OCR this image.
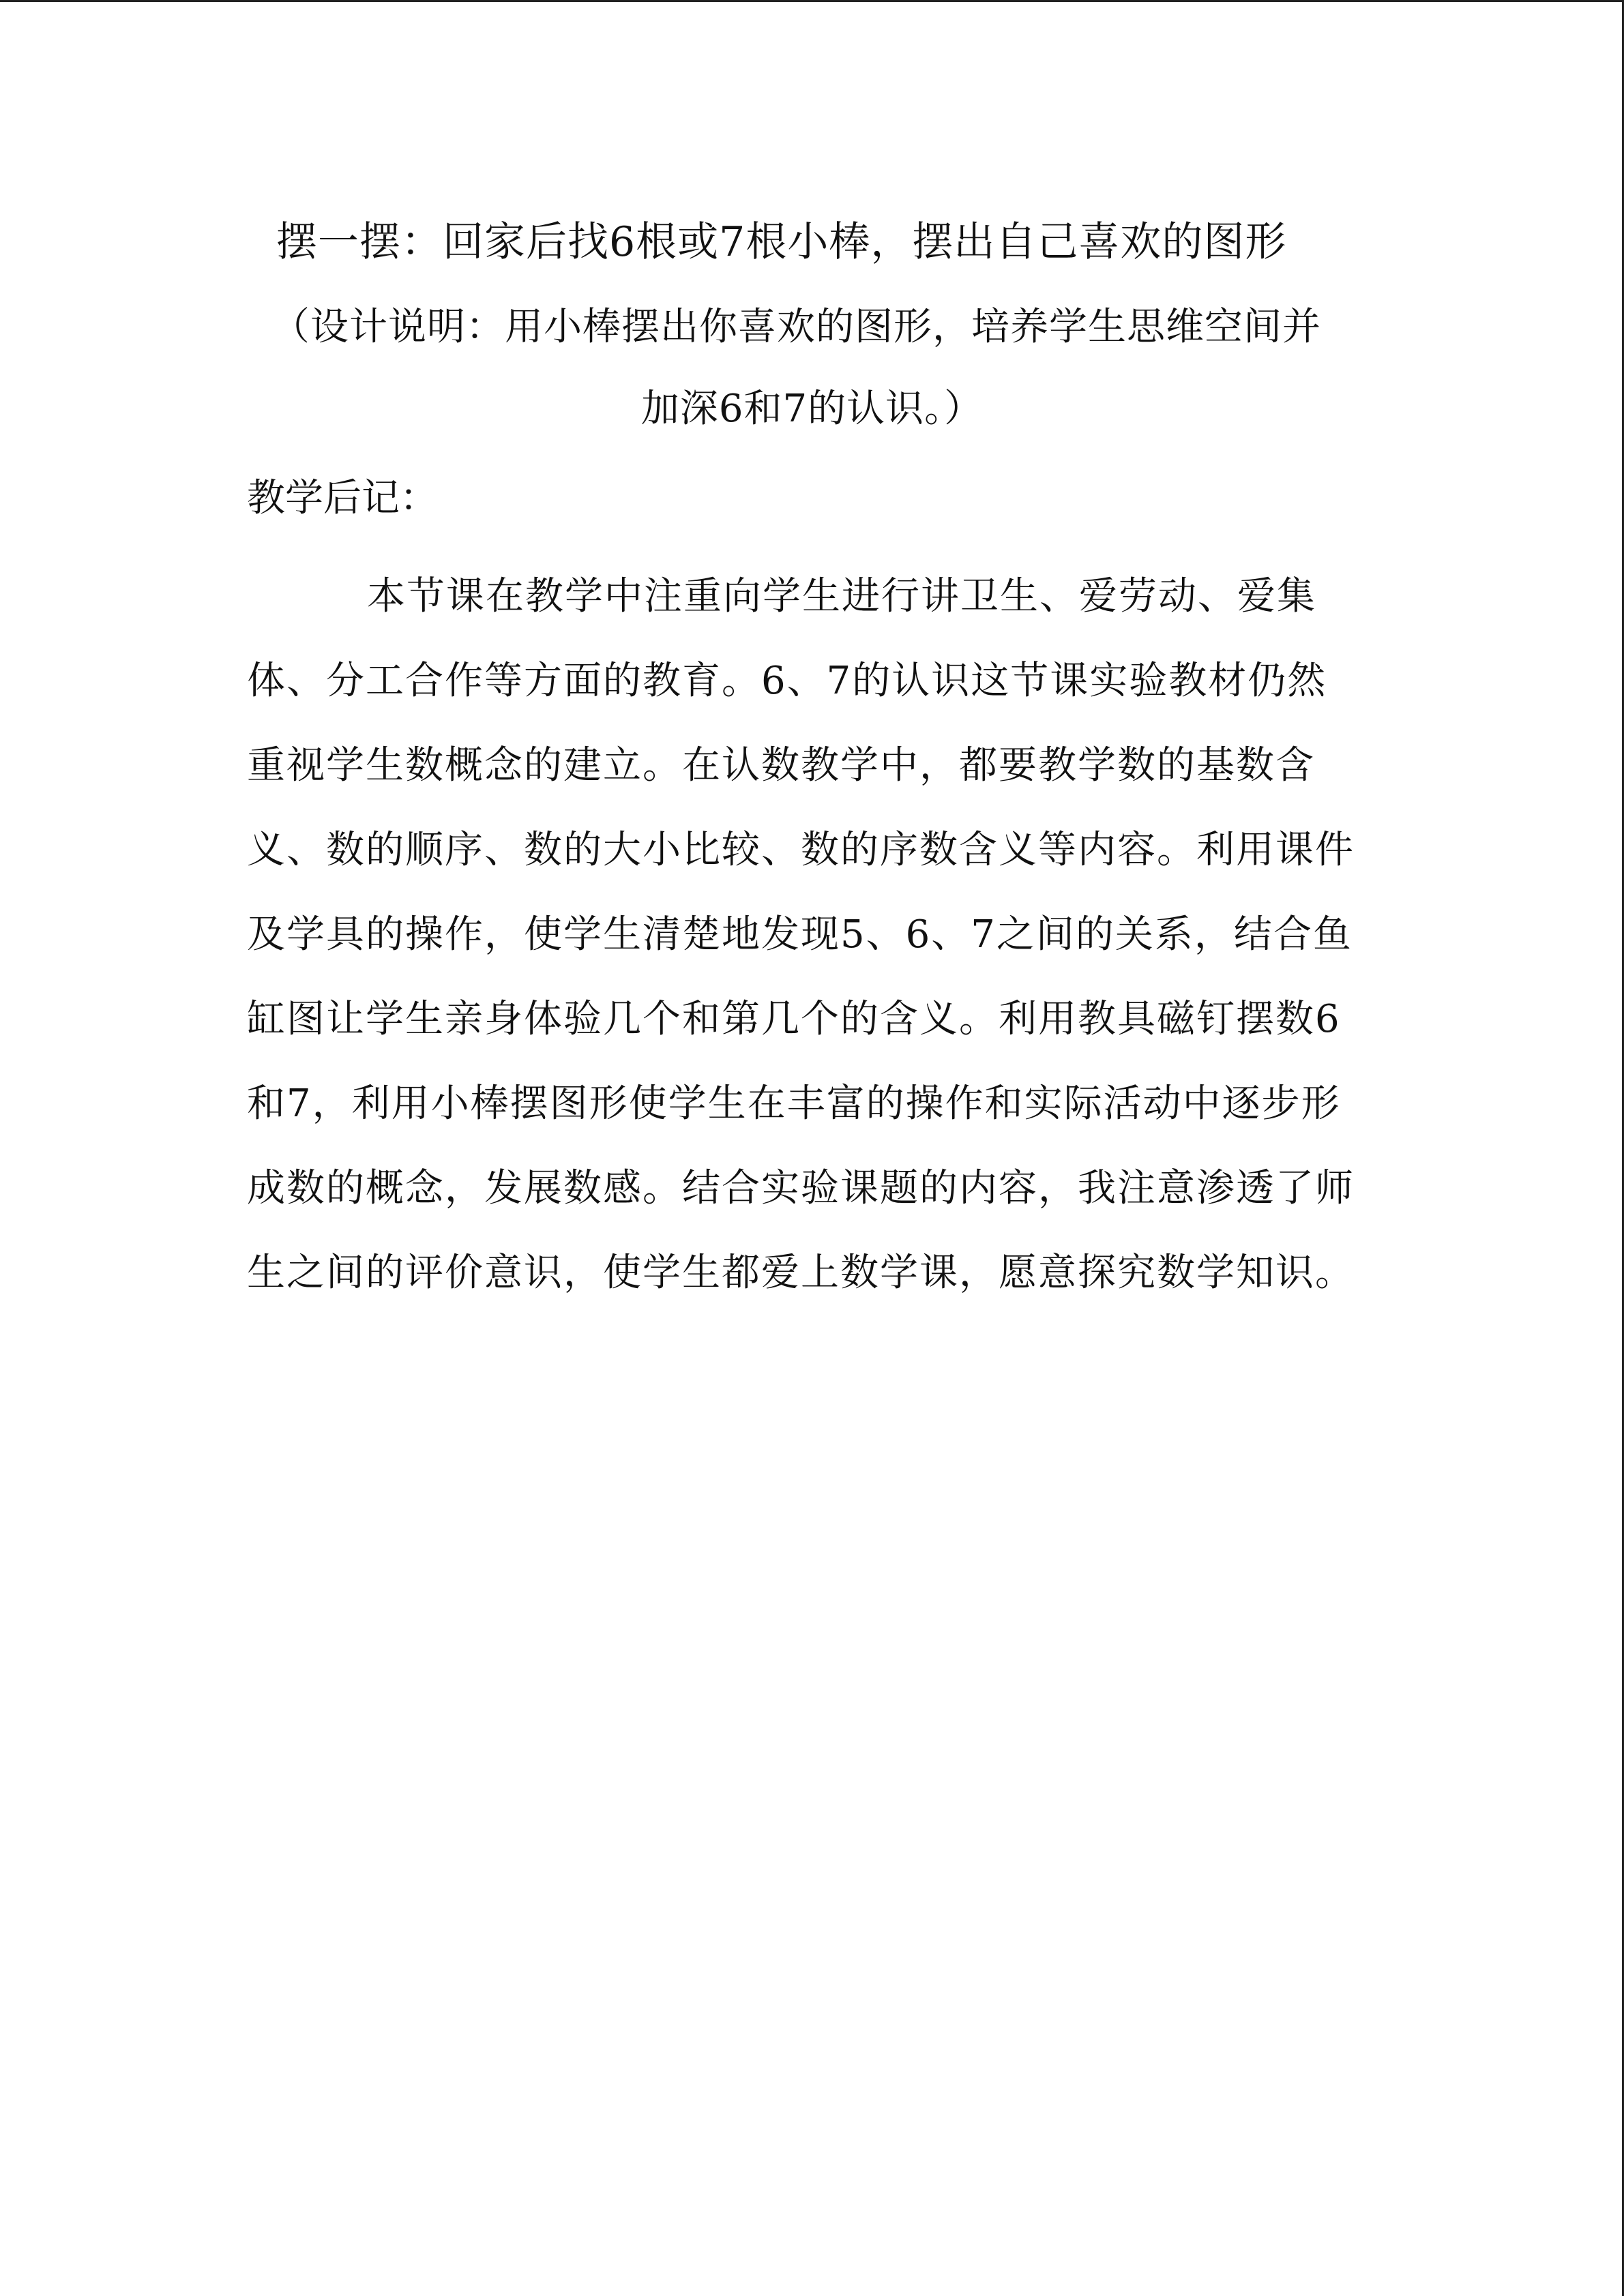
摆一摆：回家后找6根或7根小棒，摆出自己喜欢的图形

（设计说明：用小棒摆出你喜欢的图形，培养学生思维空间并

加深6和7的认识。）

教学后记：

本节课在教学中注重向学生进行讲卫生、爱劳动、爱集体、分工合作等方面的教育。6、7的认识这节课实验教材仍然重视学生数概念的建立。在认数教学中，都要教学数的基数含义、数的顺序、数的大小比较、数的序数含义等内容。利用课件及学具的操作，使学生清楚地发现5、6、7之间的关系，结合鱼缸图让学生亲身体验几个和第几个的含义。利用教具磁钉摆数6和7，利用小棒摆图形使学生在丰富的操作和实际活动中逐步形成数的概念，发展数感。结合实验课题的内容，我注意渗透了师生之间的评价意识，使学生都爱上数学课，愿意探究数学知识。
